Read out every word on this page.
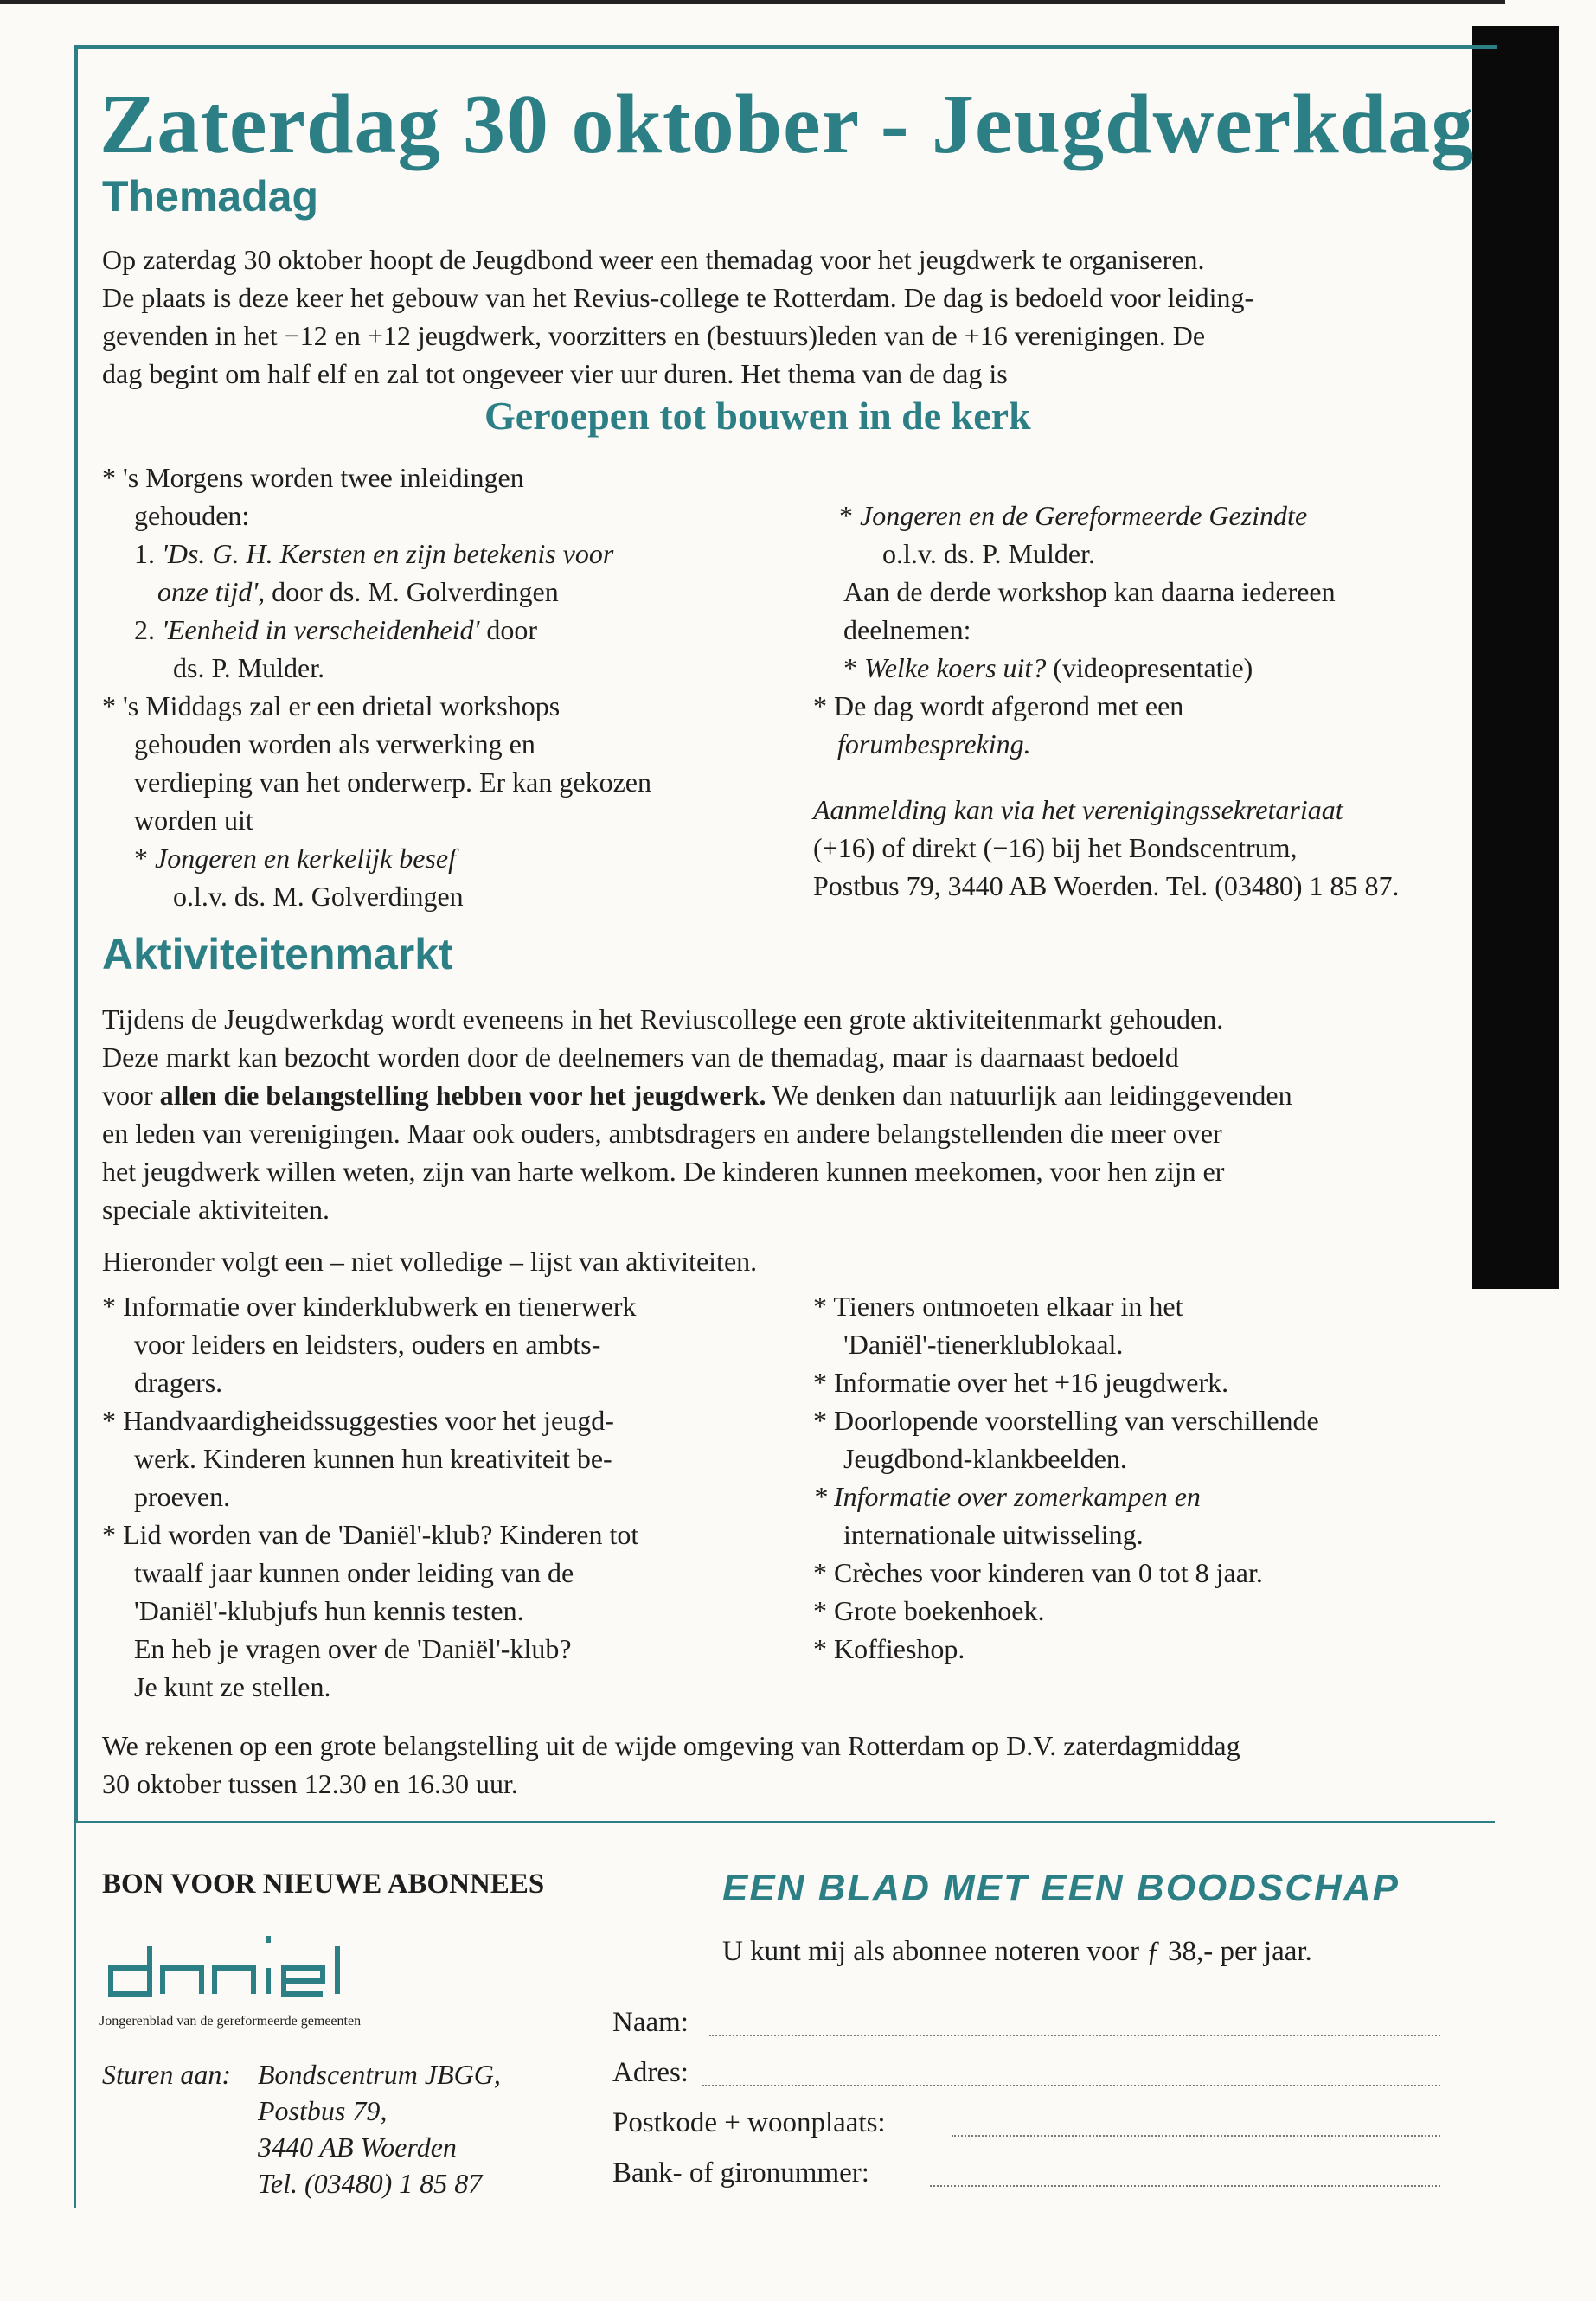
Zaterdag 30 oktober - Jeugdwerkdag
Themadag
Op zaterdag 30 oktober hoopt de Jeugdbond weer een themadag voor het jeugdwerk te organiseren.
De plaats is deze keer het gebouw van het Revius-college te Rotterdam. De dag is bedoeld voor leiding-
gevenden in het −12 en +12 jeugdwerk, voorzitters en (bestuurs)leden van de +16 verenigingen. De
dag begint om half elf en zal tot ongeveer vier uur duren. Het thema van de dag is
Geroepen tot bouwen in de kerk
* 's Morgens worden twee inleidingen
gehouden:
1. 'Ds. G. H. Kersten en zijn betekenis voor
onze tijd', door ds. M. Golverdingen
2. 'Eenheid in verscheidenheid' door
ds. P. Mulder.
* 's Middags zal er een drietal workshops
gehouden worden als verwerking en
verdieping van het onderwerp. Er kan gekozen
worden uit
* Jongeren en kerkelijk besef
o.l.v. ds. M. Golverdingen
* Jongeren en de Gereformeerde Gezindte
o.l.v. ds. P. Mulder.
Aan de derde workshop kan daarna iedereen
deelnemen:
* Welke koers uit? (videopresentatie)
* De dag wordt afgerond met een
forumbespreking.
Aanmelding kan via het verenigingssekretariaat
(+16) of direkt (−16) bij het Bondscentrum,
Postbus 79, 3440 AB Woerden. Tel. (03480) 1 85 87.
Aktiviteitenmarkt
Tijdens de Jeugdwerkdag wordt eveneens in het Reviuscollege een grote aktiviteitenmarkt gehouden.
Deze markt kan bezocht worden door de deelnemers van de themadag, maar is daarnaast bedoeld
voor allen die belangstelling hebben voor het jeugdwerk. We denken dan natuurlijk aan leidinggevenden
en leden van verenigingen. Maar ook ouders, ambtsdragers en andere belangstellenden die meer over
het jeugdwerk willen weten, zijn van harte welkom. De kinderen kunnen meekomen, voor hen zijn er
speciale aktiviteiten.
Hieronder volgt een – niet volledige – lijst van aktiviteiten.
* Informatie over kinderklubwerk en tienerwerk
voor leiders en leidsters, ouders en ambts-
dragers.
* Handvaardigheidssuggesties voor het jeugd-
werk. Kinderen kunnen hun kreativiteit be-
proeven.
* Lid worden van de 'Daniël'-klub? Kinderen tot
twaalf jaar kunnen onder leiding van de
'Daniël'-klubjufs hun kennis testen.
En heb je vragen over de 'Daniël'-klub?
Je kunt ze stellen.
* Tieners ontmoeten elkaar in het
'Daniël'-tienerklublokaal.
* Informatie over het +16 jeugdwerk.
* Doorlopende voorstelling van verschillende
Jeugdbond-klankbeelden.
* Informatie over zomerkampen en
internationale uitwisseling.
* Crèches voor kinderen van 0 tot 8 jaar.
* Grote boekenhoek.
* Koffieshop.
We rekenen op een grote belangstelling uit de wijde omgeving van Rotterdam op D.V. zaterdagmiddag
30 oktober tussen 12.30 en 16.30 uur.
BON VOOR NIEUWE ABONNEES
Jongerenblad van de gereformeerde gemeenten
Sturen aan: Bondscentrum JBGG,
Postbus 79,
3440 AB Woerden
Tel. (03480) 1 85 87
EEN BLAD MET EEN BOODSCHAP
U kunt mij als abonnee noteren voor ƒ 38,- per jaar.
Naam:
Adres:
Postkode + woonplaats:
Bank- of gironummer:
